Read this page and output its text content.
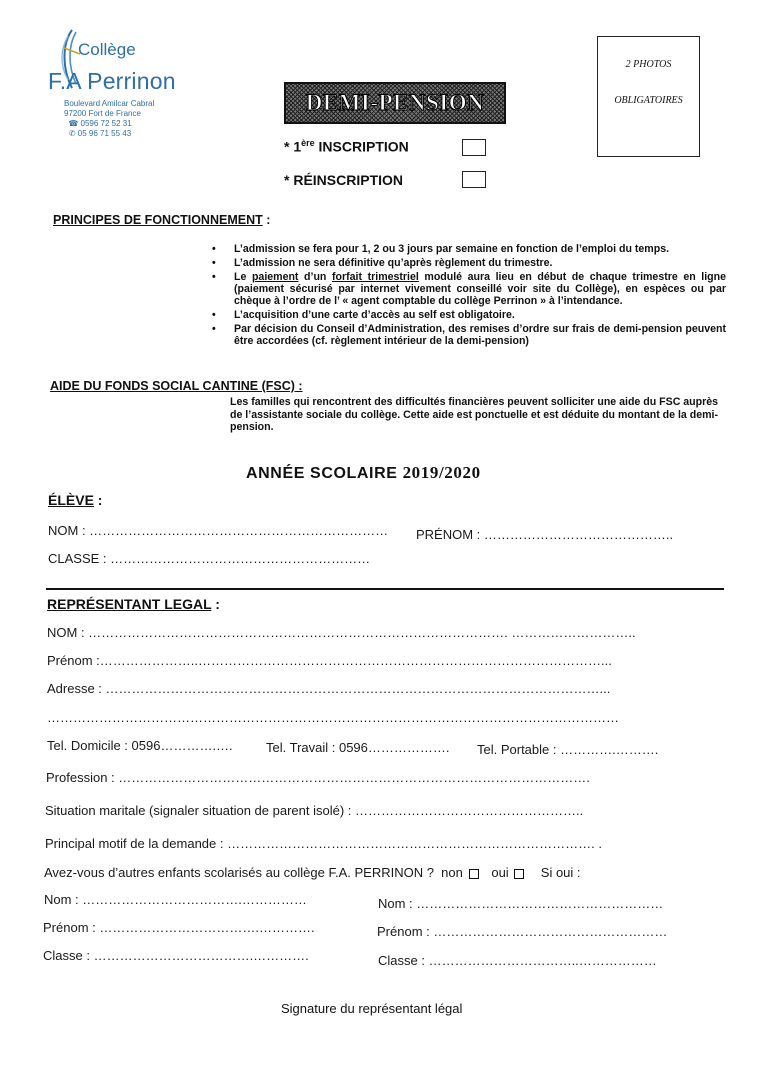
Collège
F.A Perrinon
Boulevard Amilcar Cabral
97200 Fort de France
☎ 0596 72 52 31
✆ 05 96 71 55 43
2 PHOTOS
OBLIGATOIRES
DEMI-PENSION
* 1ère INSCRIPTION
* RÉINSCRIPTION
PRINCIPES DE FONCTIONNEMENT :
• L’admission se fera pour 1, 2 ou 3 jours par semaine en fonction de l’emploi du temps.
• L’admission ne sera définitive qu’après règlement du trimestre.
• Le paiement d’un forfait trimestriel modulé aura lieu en début de chaque trimestre en ligne (paiement sécurisé par internet vivement conseillé voir site du Collège), en espèces ou par chèque à l’ordre de l’ « agent comptable du collège Perrinon » à l’intendance.
• L’acquisition d’une carte d’accès au self est obligatoire.
• Par décision du Conseil d’Administration, des remises d’ordre sur frais de demi-pension peuvent être accordées (cf. règlement intérieur de la demi-pension)
AIDE DU FONDS SOCIAL CANTINE (FSC) :
Les familles qui rencontrent des difficultés financières peuvent solliciter une aide du FSC auprès de l’assistante sociale du collège. Cette aide est ponctuelle et est déduite du montant de la demi-pension.
ANNÉE SCOLAIRE 2019/2020
ÉLÈVE :
NOM : …………………………………………………………… PRÉNOM : ……………………………………..
CLASSE : ……………………………………………………
REPRÉSENTANT LEGAL :
NOM : ……………………………………………………………………………………. ………………………..
Prénom :…………………..…………………………………………………………………………………...
Adresse : ……………………………………………………………………………………………………...
……………………………………………………………………………………………………………………
Tel. Domicile : 0596………….….	Tel. Travail : 0596………………. Tel. Portable : ………….……….
Profession : ……………………………………………………………………………………………….
Situation maritale (signaler situation de parent isolé) : ……………………………………………..
Principal motif de la demande : …………………………………………………………………………. .
Avez-vous d’autres enfants scolarisés au collège F.A. PERRINON ? non oui Si oui :
Nom : ……………………………….……………	Nom : …………………………………………………
Prénom : ……………………………….………….	Prénom : ………………………………………………
Classe : ……………………………….………….	Classe : ……………………………..………………
Signature du représentant légal
